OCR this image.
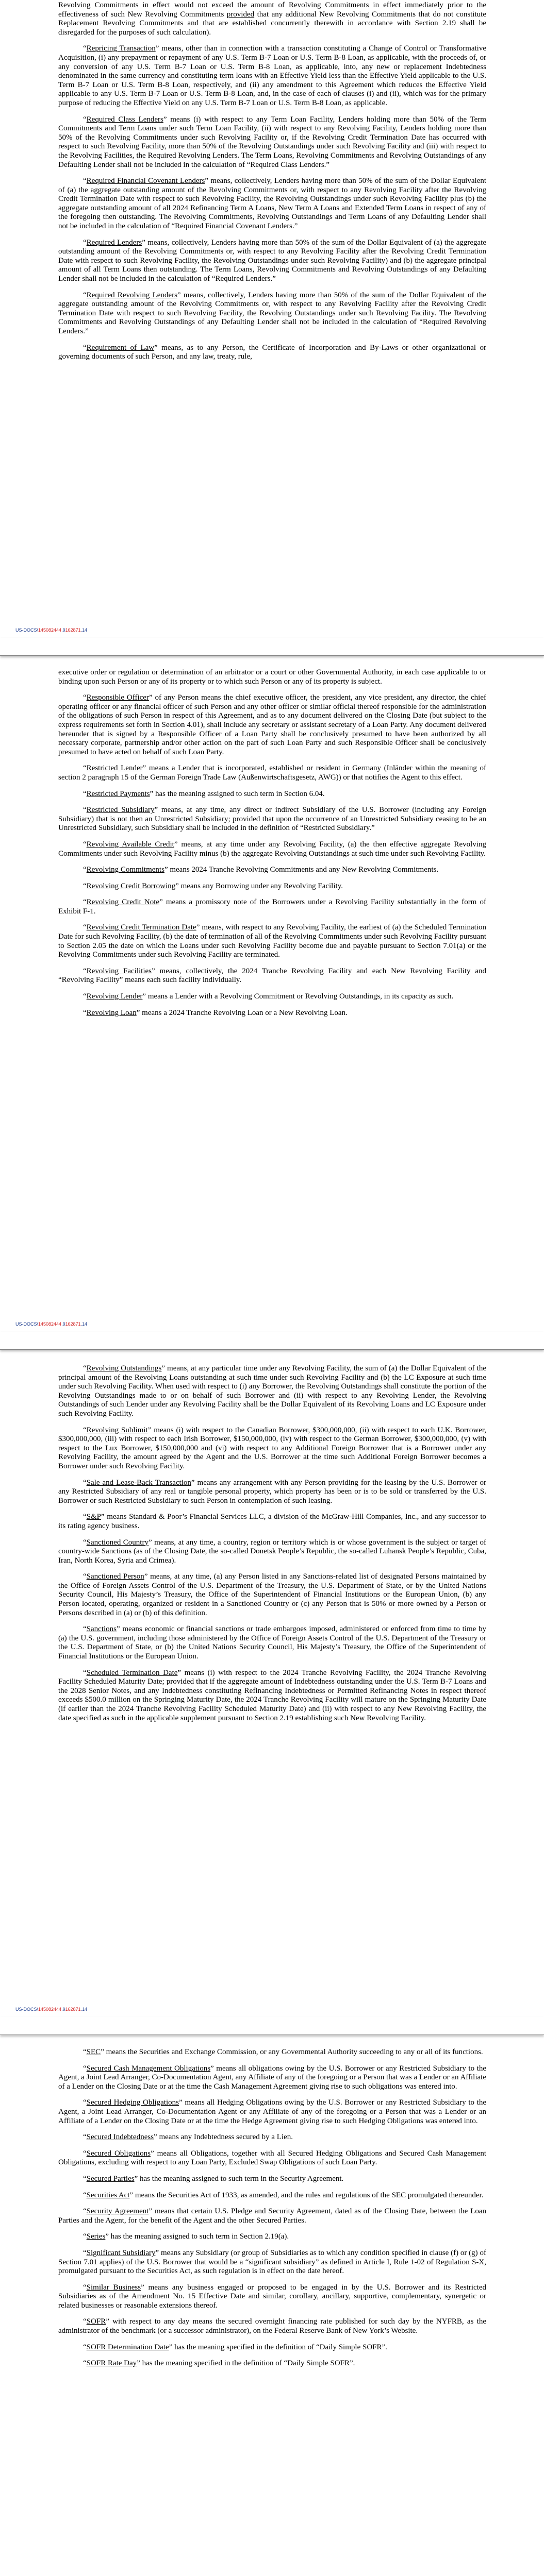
Revolving Commitments in effect would not exceed the amount of Revolving Commitments in effect immediately prior to the effectiveness of such New Revolving Commitments provided that any additional New Revolving Commitments that do not constitute Replacement Revolving Commitments and that are established concurrently therewith in accordance with Section 2.19 shall be disregarded for the purposes of such calculation).

“Repricing Transaction” means, other than in connection with a transaction constituting a Change of Control or Transformative Acquisition, (i) any prepayment or repayment of any U.S. Term B-7 Loan or U.S. Term B-8 Loan, as applicable, with the proceeds of, or any conversion of any U.S. Term B-7 Loan or U.S. Term B-8 Loan, as applicable, into, any new or replacement Indebtedness denominated in the same currency and constituting term loans with an Effective Yield less than the Effective Yield applicable to the U.S. Term B-7 Loan or U.S. Term B-8 Loan, respectively, and (ii) any amendment to this Agreement which reduces the Effective Yield applicable to any U.S. Term B-7 Loan or U.S. Term B-8 Loan, and, in the case of each of clauses (i) and (ii), which was for the primary purpose of reducing the Effective Yield on any U.S. Term B-7 Loan or U.S. Term B-8 Loan, as applicable.

“Required Class Lenders” means (i) with respect to any Term Loan Facility, Lenders holding more than 50% of the Term Commitments and Term Loans under such Term Loan Facility, (ii) with respect to any Revolving Facility, Lenders holding more than 50% of the Revolving Commitments under such Revolving Facility or, if the Revolving Credit Termination Date has occurred with respect to such Revolving Facility, more than 50% of the Revolving Outstandings under such Revolving Facility and (iii) with respect to the Revolving Facilities, the Required Revolving Lenders. The Term Loans, Revolving Commitments and Revolving Outstandings of any Defaulting Lender shall not be included in the calculation of “Required Class Lenders.”

“Required Financial Covenant Lenders” means, collectively, Lenders having more than 50% of the sum of the Dollar Equivalent of (a) the aggregate outstanding amount of the Revolving Commitments or, with respect to any Revolving Facility after the Revolving Credit Termination Date with respect to such Revolving Facility, the Revolving Outstandings under such Revolving Facility plus (b) the aggregate outstanding amount of all 2024 Refinancing Term A Loans, New Term A Loans and Extended Term Loans in respect of any of the foregoing then outstanding. The Revolving Commitments, Revolving Outstandings and Term Loans of any Defaulting Lender shall not be included in the calculation of “Required Financial Covenant Lenders.”

“Required Lenders” means, collectively, Lenders having more than 50% of the sum of the Dollar Equivalent of (a) the aggregate outstanding amount of the Revolving Commitments or, with respect to any Revolving Facility after the Revolving Credit Termination Date with respect to such Revolving Facility, the Revolving Outstandings under such Revolving Facility) and (b) the aggregate principal amount of all Term Loans then outstanding. The Term Loans, Revolving Commitments and Revolving Outstandings of any Defaulting Lender shall not be included in the calculation of “Required Lenders.”

“Required Revolving Lenders” means, collectively, Lenders having more than 50% of the sum of the Dollar Equivalent of the aggregate outstanding amount of the Revolving Commitments or, with respect to any Revolving Facility after the Revolving Credit Termination Date with respect to such Revolving Facility, the Revolving Outstandings under such Revolving Facility. The Revolving Commitments and Revolving Outstandings of any Defaulting Lender shall not be included in the calculation of “Required Revolving Lenders.”

“Requirement of Law” means, as to any Person, the Certificate of Incorporation and By-Laws or other organizational or governing documents of such Person, and any law, treaty, rule,

US-DOCS\145082444.9162871.14

executive order or regulation or determination of an arbitrator or a court or other Governmental Authority, in each case applicable to or binding upon such Person or any of its property or to which such Person or any of its property is subject.

“Responsible Officer” of any Person means the chief executive officer, the president, any vice president, any director, the chief operating officer or any financial officer of such Person and any other officer or similar official thereof responsible for the administration of the obligations of such Person in respect of this Agreement, and as to any document delivered on the Closing Date (but subject to the express requirements set forth in Section 4.01), shall include any secretary or assistant secretary of a Loan Party. Any document delivered hereunder that is signed by a Responsible Officer of a Loan Party shall be conclusively presumed to have been authorized by all necessary corporate, partnership and/or other action on the part of such Loan Party and such Responsible Officer shall be conclusively presumed to have acted on behalf of such Loan Party.

“Restricted Lender” means a Lender that is incorporated, established or resident in Germany (Inländer within the meaning of section 2 paragraph 15 of the German Foreign Trade Law (Außenwirtschaftsgesetz, AWG)) or that notifies the Agent to this effect.

“Restricted Payments” has the meaning assigned to such term in Section 6.04.

“Restricted Subsidiary” means, at any time, any direct or indirect Subsidiary of the U.S. Borrower (including any Foreign Subsidiary) that is not then an Unrestricted Subsidiary; provided that upon the occurrence of an Unrestricted Subsidiary ceasing to be an Unrestricted Subsidiary, such Subsidiary shall be included in the definition of “Restricted Subsidiary.”

“Revolving Available Credit” means, at any time under any Revolving Facility, (a) the then effective aggregate Revolving Commitments under such Revolving Facility minus (b) the aggregate Revolving Outstandings at such time under such Revolving Facility.

“Revolving Commitments” means 2024 Tranche Revolving Commitments and any New Revolving Commitments.

“Revolving Credit Borrowing” means any Borrowing under any Revolving Facility.

“Revolving Credit Note” means a promissory note of the Borrowers under a Revolving Facility substantially in the form of Exhibit F-1.

“Revolving Credit Termination Date” means, with respect to any Revolving Facility, the earliest of (a) the Scheduled Termination Date for such Revolving Facility, (b) the date of termination of all of the Revolving Commitments under such Revolving Facility pursuant to Section 2.05 the date on which the Loans under such Revolving Facility become due and payable pursuant to Section 7.01(a) or the Revolving Commitments under such Revolving Facility are terminated.

“Revolving Facilities” means, collectively, the 2024 Tranche Revolving Facility and each New Revolving Facility and “Revolving Facility” means each such facility individually.

“Revolving Lender” means a Lender with a Revolving Commitment or Revolving Outstandings, in its capacity as such.

“Revolving Loan” means a 2024 Tranche Revolving Loan or a New Revolving Loan.

US-DOCS\145082444.9162871.14

“Revolving Outstandings” means, at any particular time under any Revolving Facility, the sum of (a) the Dollar Equivalent of the principal amount of the Revolving Loans outstanding at such time under such Revolving Facility and (b) the LC Exposure at such time under such Revolving Facility. When used with respect to (i) any Borrower, the Revolving Outstandings shall constitute the portion of the Revolving Outstandings made to or on behalf of such Borrower and (ii) with respect to any Revolving Lender, the Revolving Outstandings of such Lender under any Revolving Facility shall be the Dollar Equivalent of its Revolving Loans and LC Exposure under such Revolving Facility.

“Revolving Sublimit” means (i) with respect to the Canadian Borrower, $300,000,000, (ii) with respect to each U.K. Borrower, $300,000,000, (iii) with respect to each Irish Borrower, $150,000,000, (iv) with respect to the German Borrower, $300,000,000, (v) with respect to the Lux Borrower, $150,000,000 and (vi) with respect to any Additional Foreign Borrower that is a Borrower under any Revolving Facility, the amount agreed by the Agent and the U.S. Borrower at the time such Additional Foreign Borrower becomes a Borrower under such Revolving Facility.

“Sale and Lease-Back Transaction” means any arrangement with any Person providing for the leasing by the U.S. Borrower or any Restricted Subsidiary of any real or tangible personal property, which property has been or is to be sold or transferred by the U.S. Borrower or such Restricted Subsidiary to such Person in contemplation of such leasing.

“S&P” means Standard & Poor’s Financial Services LLC, a division of the McGraw-Hill Companies, Inc., and any successor to its rating agency business.

“Sanctioned Country” means, at any time, a country, region or territory which is or whose government is the subject or target of country-wide Sanctions (as of the Closing Date, the so-called Donetsk People’s Republic, the so-called Luhansk People’s Republic, Cuba, Iran, North Korea, Syria and Crimea).

“Sanctioned Person” means, at any time, (a) any Person listed in any Sanctions-related list of designated Persons maintained by the Office of Foreign Assets Control of the U.S. Department of the Treasury, the U.S. Department of State, or by the United Nations Security Council, His Majesty’s Treasury, the Office of the Superintendent of Financial Institutions or the European Union, (b) any Person located, operating, organized or resident in a Sanctioned Country or (c) any Person that is 50% or more owned by a Person or Persons described in (a) or (b) of this definition.

“Sanctions” means economic or financial sanctions or trade embargoes imposed, administered or enforced from time to time by (a) the U.S. government, including those administered by the Office of Foreign Assets Control of the U.S. Department of the Treasury or the U.S. Department of State, or (b) the United Nations Security Council, His Majesty’s Treasury, the Office of the Superintendent of Financial Institutions or the European Union.

“Scheduled Termination Date” means (i) with respect to the 2024 Tranche Revolving Facility, the 2024 Tranche Revolving Facility Scheduled Maturity Date; provided that if the aggregate amount of Indebtedness outstanding under the U.S. Term B-7 Loans and the 2028 Senior Notes, and any Indebtedness constituting Refinancing Indebtedness or Permitted Refinancing Notes in respect thereof exceeds $500.0 million on the Springing Maturity Date, the 2024 Tranche Revolving Facility will mature on the Springing Maturity Date (if earlier than the 2024 Tranche Revolving Facility Scheduled Maturity Date) and (ii) with respect to any New Revolving Facility, the date specified as such in the applicable supplement pursuant to Section 2.19 establishing such New Revolving Facility.

US-DOCS\145082444.9162871.14

“SEC” means the Securities and Exchange Commission, or any Governmental Authority succeeding to any or all of its functions.

“Secured Cash Management Obligations” means all obligations owing by the U.S. Borrower or any Restricted Subsidiary to the Agent, a Joint Lead Arranger, Co-Documentation Agent, any Affiliate of any of the foregoing or a Person that was a Lender or an Affiliate of a Lender on the Closing Date or at the time the Cash Management Agreement giving rise to such obligations was entered into.

“Secured Hedging Obligations” means all Hedging Obligations owing by the U.S. Borrower or any Restricted Subsidiary to the Agent, a Joint Lead Arranger, Co-Documentation Agent or any Affiliate of any of the foregoing or a Person that was a Lender or an Affiliate of a Lender on the Closing Date or at the time the Hedge Agreement giving rise to such Hedging Obligations was entered into.

“Secured Indebtedness” means any Indebtedness secured by a Lien.

“Secured Obligations” means all Obligations, together with all Secured Hedging Obligations and Secured Cash Management Obligations, excluding with respect to any Loan Party, Excluded Swap Obligations of such Loan Party.

“Secured Parties” has the meaning assigned to such term in the Security Agreement.

“Securities Act” means the Securities Act of 1933, as amended, and the rules and regulations of the SEC promulgated thereunder.

“Security Agreement” means that certain U.S. Pledge and Security Agreement, dated as of the Closing Date, between the Loan Parties and the Agent, for the benefit of the Agent and the other Secured Parties.

“Series” has the meaning assigned to such term in Section 2.19(a).

“Significant Subsidiary” means any Subsidiary (or group of Subsidiaries as to which any condition specified in clause (f) or (g) of Section 7.01 applies) of the U.S. Borrower that would be a “significant subsidiary” as defined in Article I, Rule 1-02 of Regulation S-X, promulgated pursuant to the Securities Act, as such regulation is in effect on the date hereof.

“Similar Business” means any business engaged or proposed to be engaged in by the U.S. Borrower and its Restricted Subsidiaries as of the Amendment No. 15 Effective Date and similar, corollary, ancillary, supportive, complementary, synergetic or related businesses or reasonable extensions thereof.

“SOFR” with respect to any day means the secured overnight financing rate published for such day by the NYFRB, as the administrator of the benchmark (or a successor administrator), on the Federal Reserve Bank of New York’s Website.

“SOFR Determination Date” has the meaning specified in the definition of “Daily Simple SOFR”.

“SOFR Rate Day” has the meaning specified in the definition of “Daily Simple SOFR”.
